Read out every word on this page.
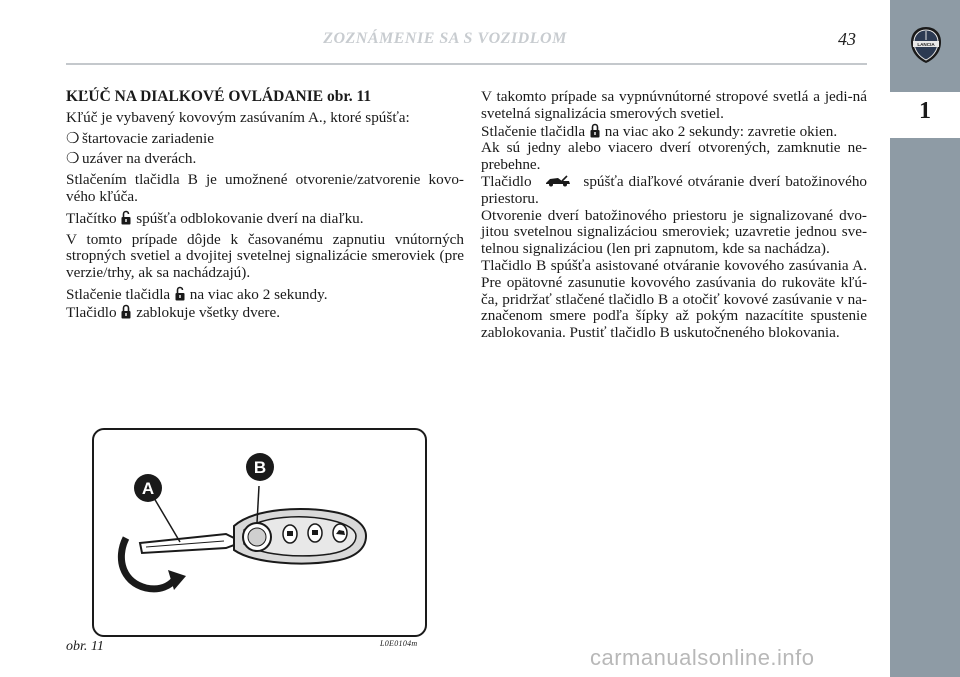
ZOZNÁMENIE SA S VOZIDLOM	43	LANCIA
1

KĽÚČ NA DIALKOVÉ OVLÁDANIE obr. 11

Kľúč je vybavený kovovým zasúvaním A., ktoré spúšťa:

❍ štartovacie zariadenie
❍ uzáver na dverách.

Stlačením tlačidla B je umožnené otvorenie/zatvorenie kovo-vého kľúča.

Tlačítko spúšťa odblokovanie dverí na diaľku.

V tomto prípade dôjde k časovanému zapnutiu vnútorných stropných svetiel a dvojitej svetelnej signalizácie smeroviek (pre verzie/trhy, ak sa nachádzajú).

Stlačenie tlačidla na viac ako 2 sekundy.

Tlačidlo zablokuje všetky dvere.

V takomto prípade sa vypnúvnútorné stropové svetlá a jedi-ná svetelná signalizácia smerových svetiel.

Stlačenie tlačidla na viac ako 2 sekundy: zavretie okien.

Ak sú jedny alebo viacero dverí otvorených, zamknutie ne-prebehne.

Tlačidlo	spúšťa diaľkové otváranie dverí batožinového priestoru.

Otvorenie dverí batožinového priestoru je signalizované dvo-jitou svetelnou signalizáciou smeroviek; uzavretie jednou sve-telnou signalizáciou (len pri zapnutom, kde sa nachádza).

Tlačidlo B spúšťa asistované otváranie kovového zasúvania A. Pre opätovné zasunutie kovového zasúvania do rukoväte kľú-ča, pridržať stlačené tlačidlo B a otočiť kovové zasúvanie v na-značenom smere podľa šípky až pokým nazacítite spustenie zablokovania. Pustiť tlačidlo B uskutočneného blokovania.

B
A
obr. 11	L0E0104m
carmanualsonline.info
